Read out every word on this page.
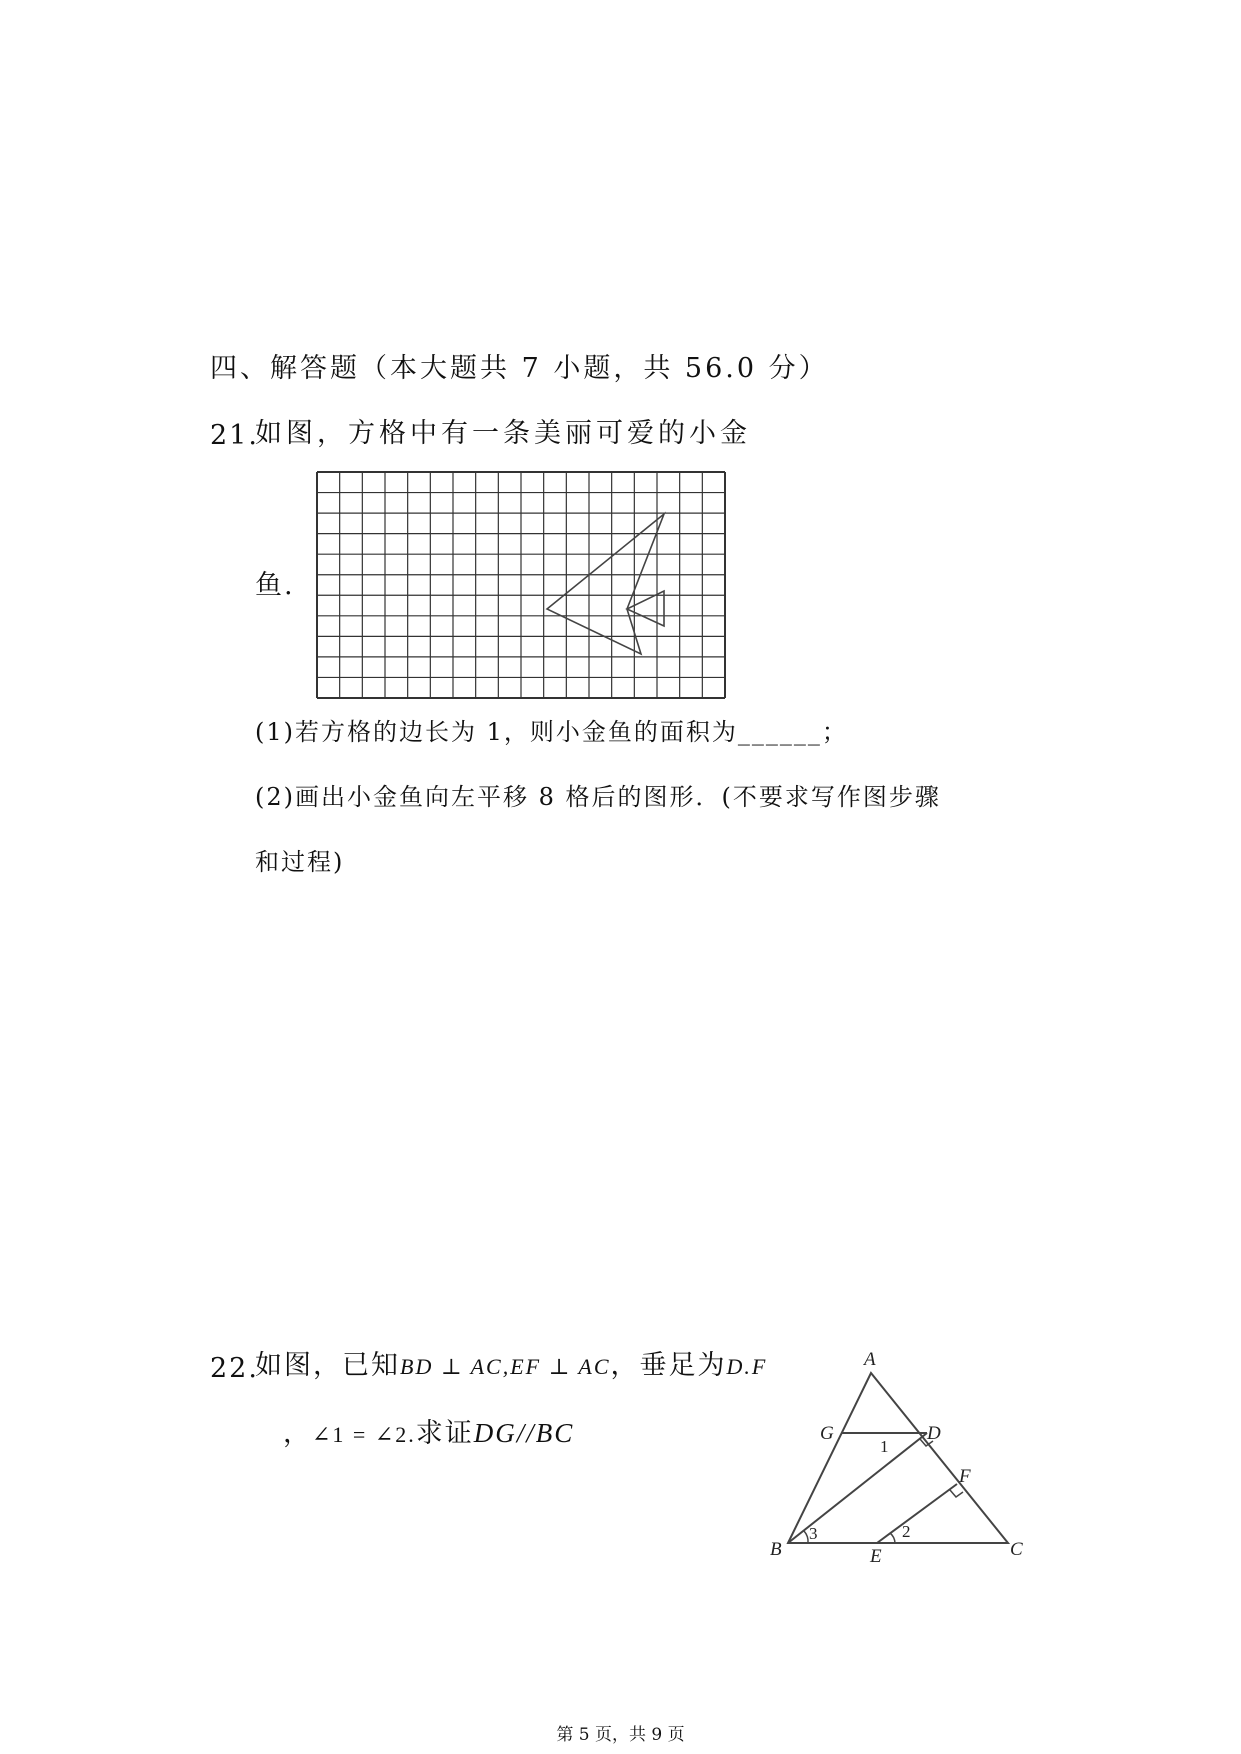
四、解答题（本大题共 7 小题，共 56.0 分）
21.
如图，方格中有一条美丽可爱的小金
鱼.
(1)若方格的边长为 1，则小金鱼的面积为______；
(2)画出小金鱼向左平移 8 格后的图形．(不要求写作图步骤
和过程)
22.
如图，已知BD ⊥ AC,EF ⊥ AC，垂足为D.F
，∠1 = ∠2.求证DG//BC
A
G	D
F
B	E	C
1
2
3
第 5 页，共 9 页
